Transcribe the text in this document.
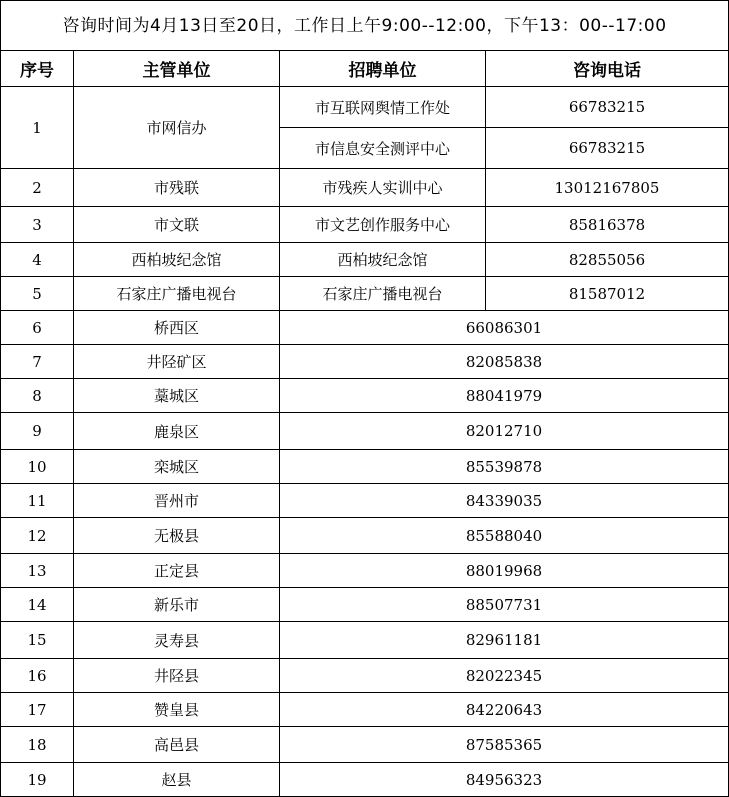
咨询时间为4月13日至20日，工作日上午9:00--12:00，下午13：00--17:00
序号	主管单位	招聘单位	咨询电话
1	市网信办	市互联网舆情工作处	66783215
		市信息安全测评中心	66783215
2	市残联	市残疾人实训中心	13012167805
3	市文联	市文艺创作服务中心	85816378
4	西柏坡纪念馆	西柏坡纪念馆	82855056
5	石家庄广播电视台	石家庄广播电视台	81587012
6	桥西区	66086301	
7	井陉矿区	82085838	
8	藁城区	88041979	
9	鹿泉区	82012710	
10	栾城区	85539878	
11	晋州市	84339035	
12	无极县	85588040	
13	正定县	88019968	
14	新乐市	88507731	
15	灵寿县	82961181	
16	井陉县	82022345	
17	赞皇县	84220643	
18	高邑县	87585365	
19	赵县	84956323	
